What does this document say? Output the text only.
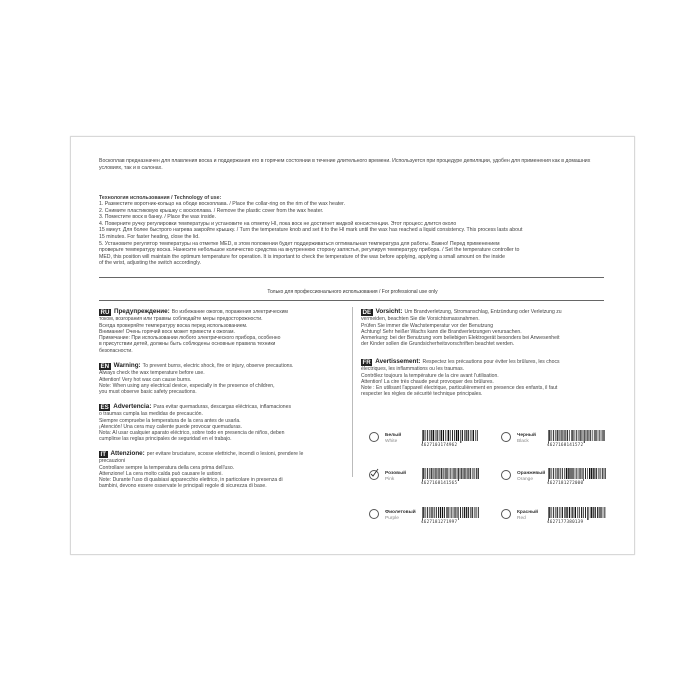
Воскоплав предназначен для плавления воска и поддержания его в горячем состоянии в течение длительного времени. Используется при процедуре депиляции, удобен для применения как в домашних условиях, так и в салонах.
Технология использования / Technology of use:
1. Разместите воротник-кольцо на ободе воскоплава. / Place the collar-ring on the rim of the wax heater.
2. Снимите пластиковую крышку с воскоплава. / Remove the plastic cover from the wax heater.
3. Поместите воск в банку. / Place the wax inside.
4. Поверните ручку регулировки температуры и установите на отметку HI, пока воск не достигнет жидкой консистенции. Этот процесс длится около
15 минут. Для более быстрого нагрева закройте крышку. / Turn the temperature knob and set it to the HI mark until the wax has reached a liquid consistency. This process lasts about
15 minutes. For faster heating, close the lid.
5. Установите регулятор температуры на отметке MED, в этом положении будет поддерживаться оптимальная температура для работы. Важно! Перед применением
проверьте температуру воска. Нанесите небольшое количество средства на внутреннюю сторону запястья, регулируя температуру прибора. / Set the temperature controller to
MED, this position will maintain the optimum temperature for operation. It is important to check the temperature of the wax before applying, applying a small amount on the inside
of the wrist, adjusting the switch accordingly.
Только для профессионального использования / For professional use only
RU Предупреждение: Во избежание ожогов, поражения электрическим
током, возгорания или травмы соблюдайте меры предосторожности.
Всегда проверяйте температуру воска перед использованием.
Внимание! Очень горячий воск может привести к ожогам.
Примечание: При использовании любого электрического прибора, особенно
в присутствии детей, должны быть соблюдены основные правила техники
безопасности.
EN Warning: To prevent burns, electric shock, fire or injury, observe precautions.
Always check the wax temperature before use.
Attention! Very hot wax can cause burns.
Note: When using any electrical device, especially in the presence of children,
you must observe basic safety precautions.
ES Advertencia: Para evitar quemaduras, descargas eléctricas, inflamaciones
o traumas cumpla las medidas de precaución.
Siempre compruebe la temperatura de la cera antes de usarla.
¡Atención! Una cera muy caliente puede provocar quemaduras.
Nota: Al usar cualquier aparato eléctrico, sobre todo en presencia de niños, deben
cumplirse las reglas principales de seguridad en el trabajo.
IT Attenzione: per evitare bruciature, scosse elettriche, incendi o lesioni, prendere le
precauzioni
Controllare sempre la temperatura della cera prima dell'uso.
Attenzione! La cera molto calda può causare le ustioni.
Note: Durante l'uso di qualsiasi apparecchio elettrico, in particolare in presenza di
bambini, devono essere osservate le principali regole di sicurezza di base.
DE Vorsicht: Um Brandverletzung, Stromanschlag, Entzündung oder Verletzung zu
vermeiden, beachten Sie die Vorsichtsmassnahmen.
Prüfen Sie immer die Wachstemperatur vor der Benutzung
Achtung! Sehr heißer Wachs kann die Brandverletzungen verursachen.
Anmerkung: bei der Benutzung vom beliebigen Elektrogerät besonders bei Anwesenheit
der Kinder sollen die Grundsicherheitsvorschriften beachtet werden.
FR Avertissement: Respectez les précautions pour éviter les brûlures, les chocs
électriques, les inflammations ou les traumas.
Contrôlez toujours la température de la cire avant l'utilisation.
Attention! La cire très chaude peut provoquer des brûlures.
Note : En utilisant l'appareil électrique, particulièrement en presence des enfants, il faut
respecter les règles de sécurité technique principales.
Белый
White
4627103174962
Черный
Black
4627168141572
Розовый
Pink
4627168141565
Оранжевый
Orange
4627181272000
Фиолетовый
Purple
4627181271997
Красный
Red
4627177380139
